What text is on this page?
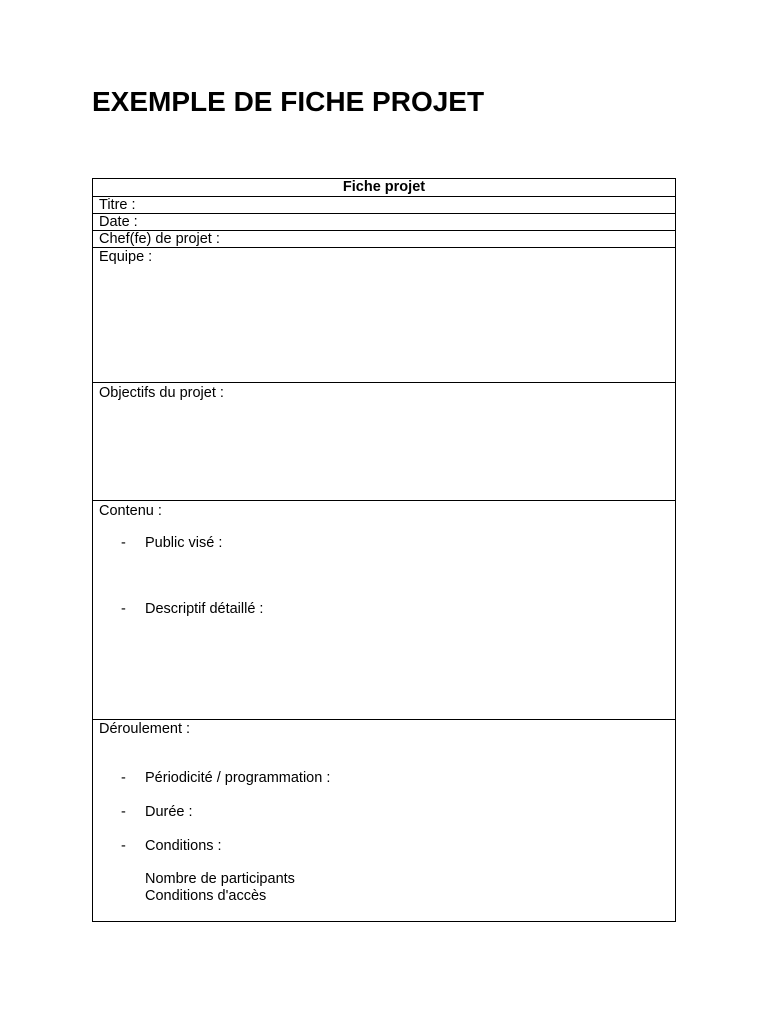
EXEMPLE DE FICHE PROJET
Fiche projet
Titre :
Date :
Chef(fe) de projet :
Equipe :
Objectifs du projet :
Contenu :
- Public visé :
- Descriptif détaillé :
Déroulement :
- Périodicité / programmation :
- Durée :
- Conditions :
Nombre de participants
Conditions d'accès
